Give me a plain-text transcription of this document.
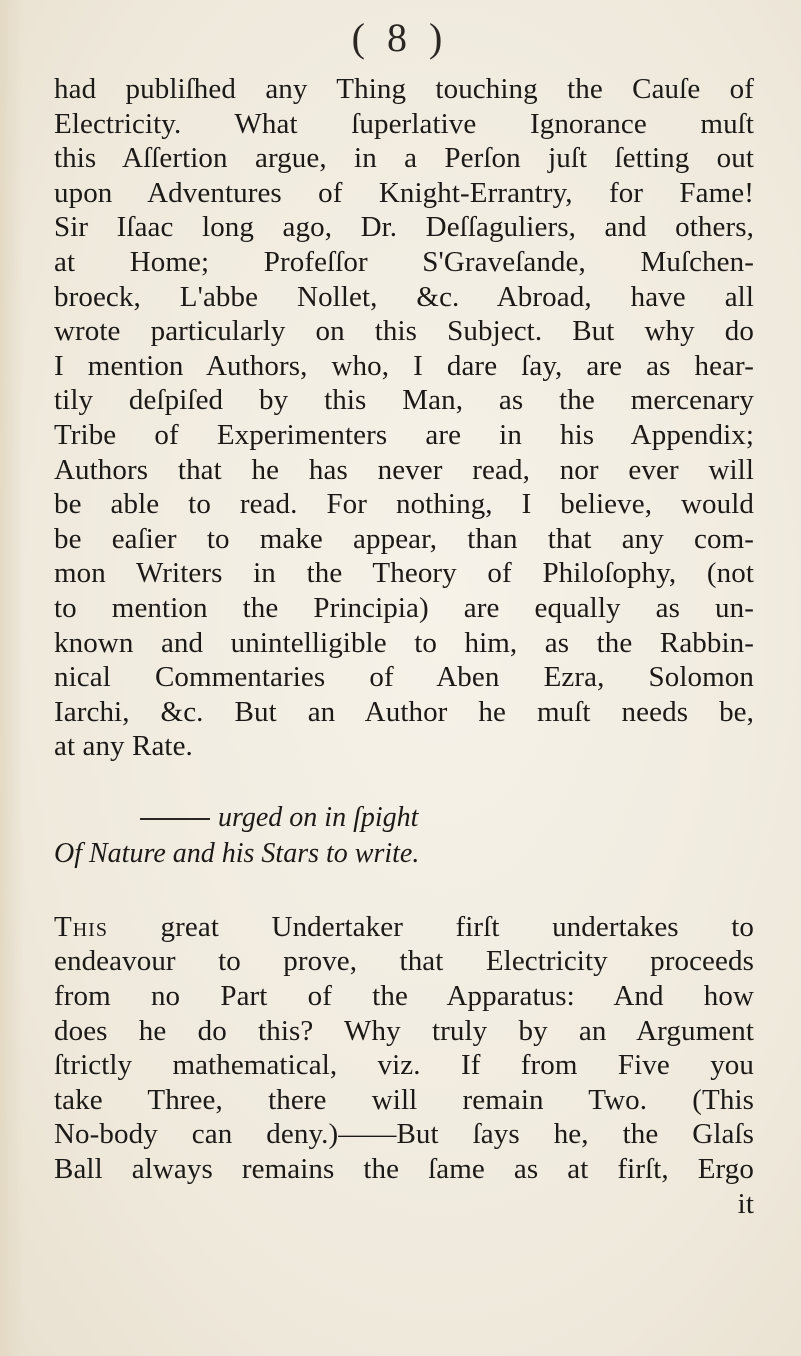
( 8 )
had publiſhed any Thing touching the Cauſe of
Electricity. What ſuperlative Ignorance muſt
this Aſſertion argue, in a Perſon juſt ſetting out
upon Adventures of Knight-Errantry, for Fame!
Sir Iſaac long ago, Dr. Deſſaguliers, and others,
at Home; Profeſſor S'Graveſande, Muſchen-
broeck, L'abbe Nollet, &c. Abroad, have all
wrote particularly on this Subject. But why do
I mention Authors, who, I dare ſay, are as hear-
tily deſpiſed by this Man, as the mercenary
Tribe of Experimenters are in his Appendix;
Authors that he has never read, nor ever will
be able to read. For nothing, I believe, would
be eaſier to make appear, than that any com-
mon Writers in the Theory of Philoſophy, (not
to mention the Principia) are equally as un-
known and unintelligible to him, as the Rabbin-
nical Commentaries of Aben Ezra, Solomon
Iarchi, &c. But an Author he muſt needs be,
at any Rate.
urged on in ſpight
Of Nature and his Stars to write.
This great Undertaker firſt undertakes to
endeavour to prove, that Electricity proceeds
from no Part of the Apparatus: And how
does he do this? Why truly by an Argument
ſtrictly mathematical, viz. If from Five you
take Three, there will remain Two. (This
No-body can deny.)——But ſays he, the Glaſs
Ball always remains the ſame as at firſt, Ergo
it
